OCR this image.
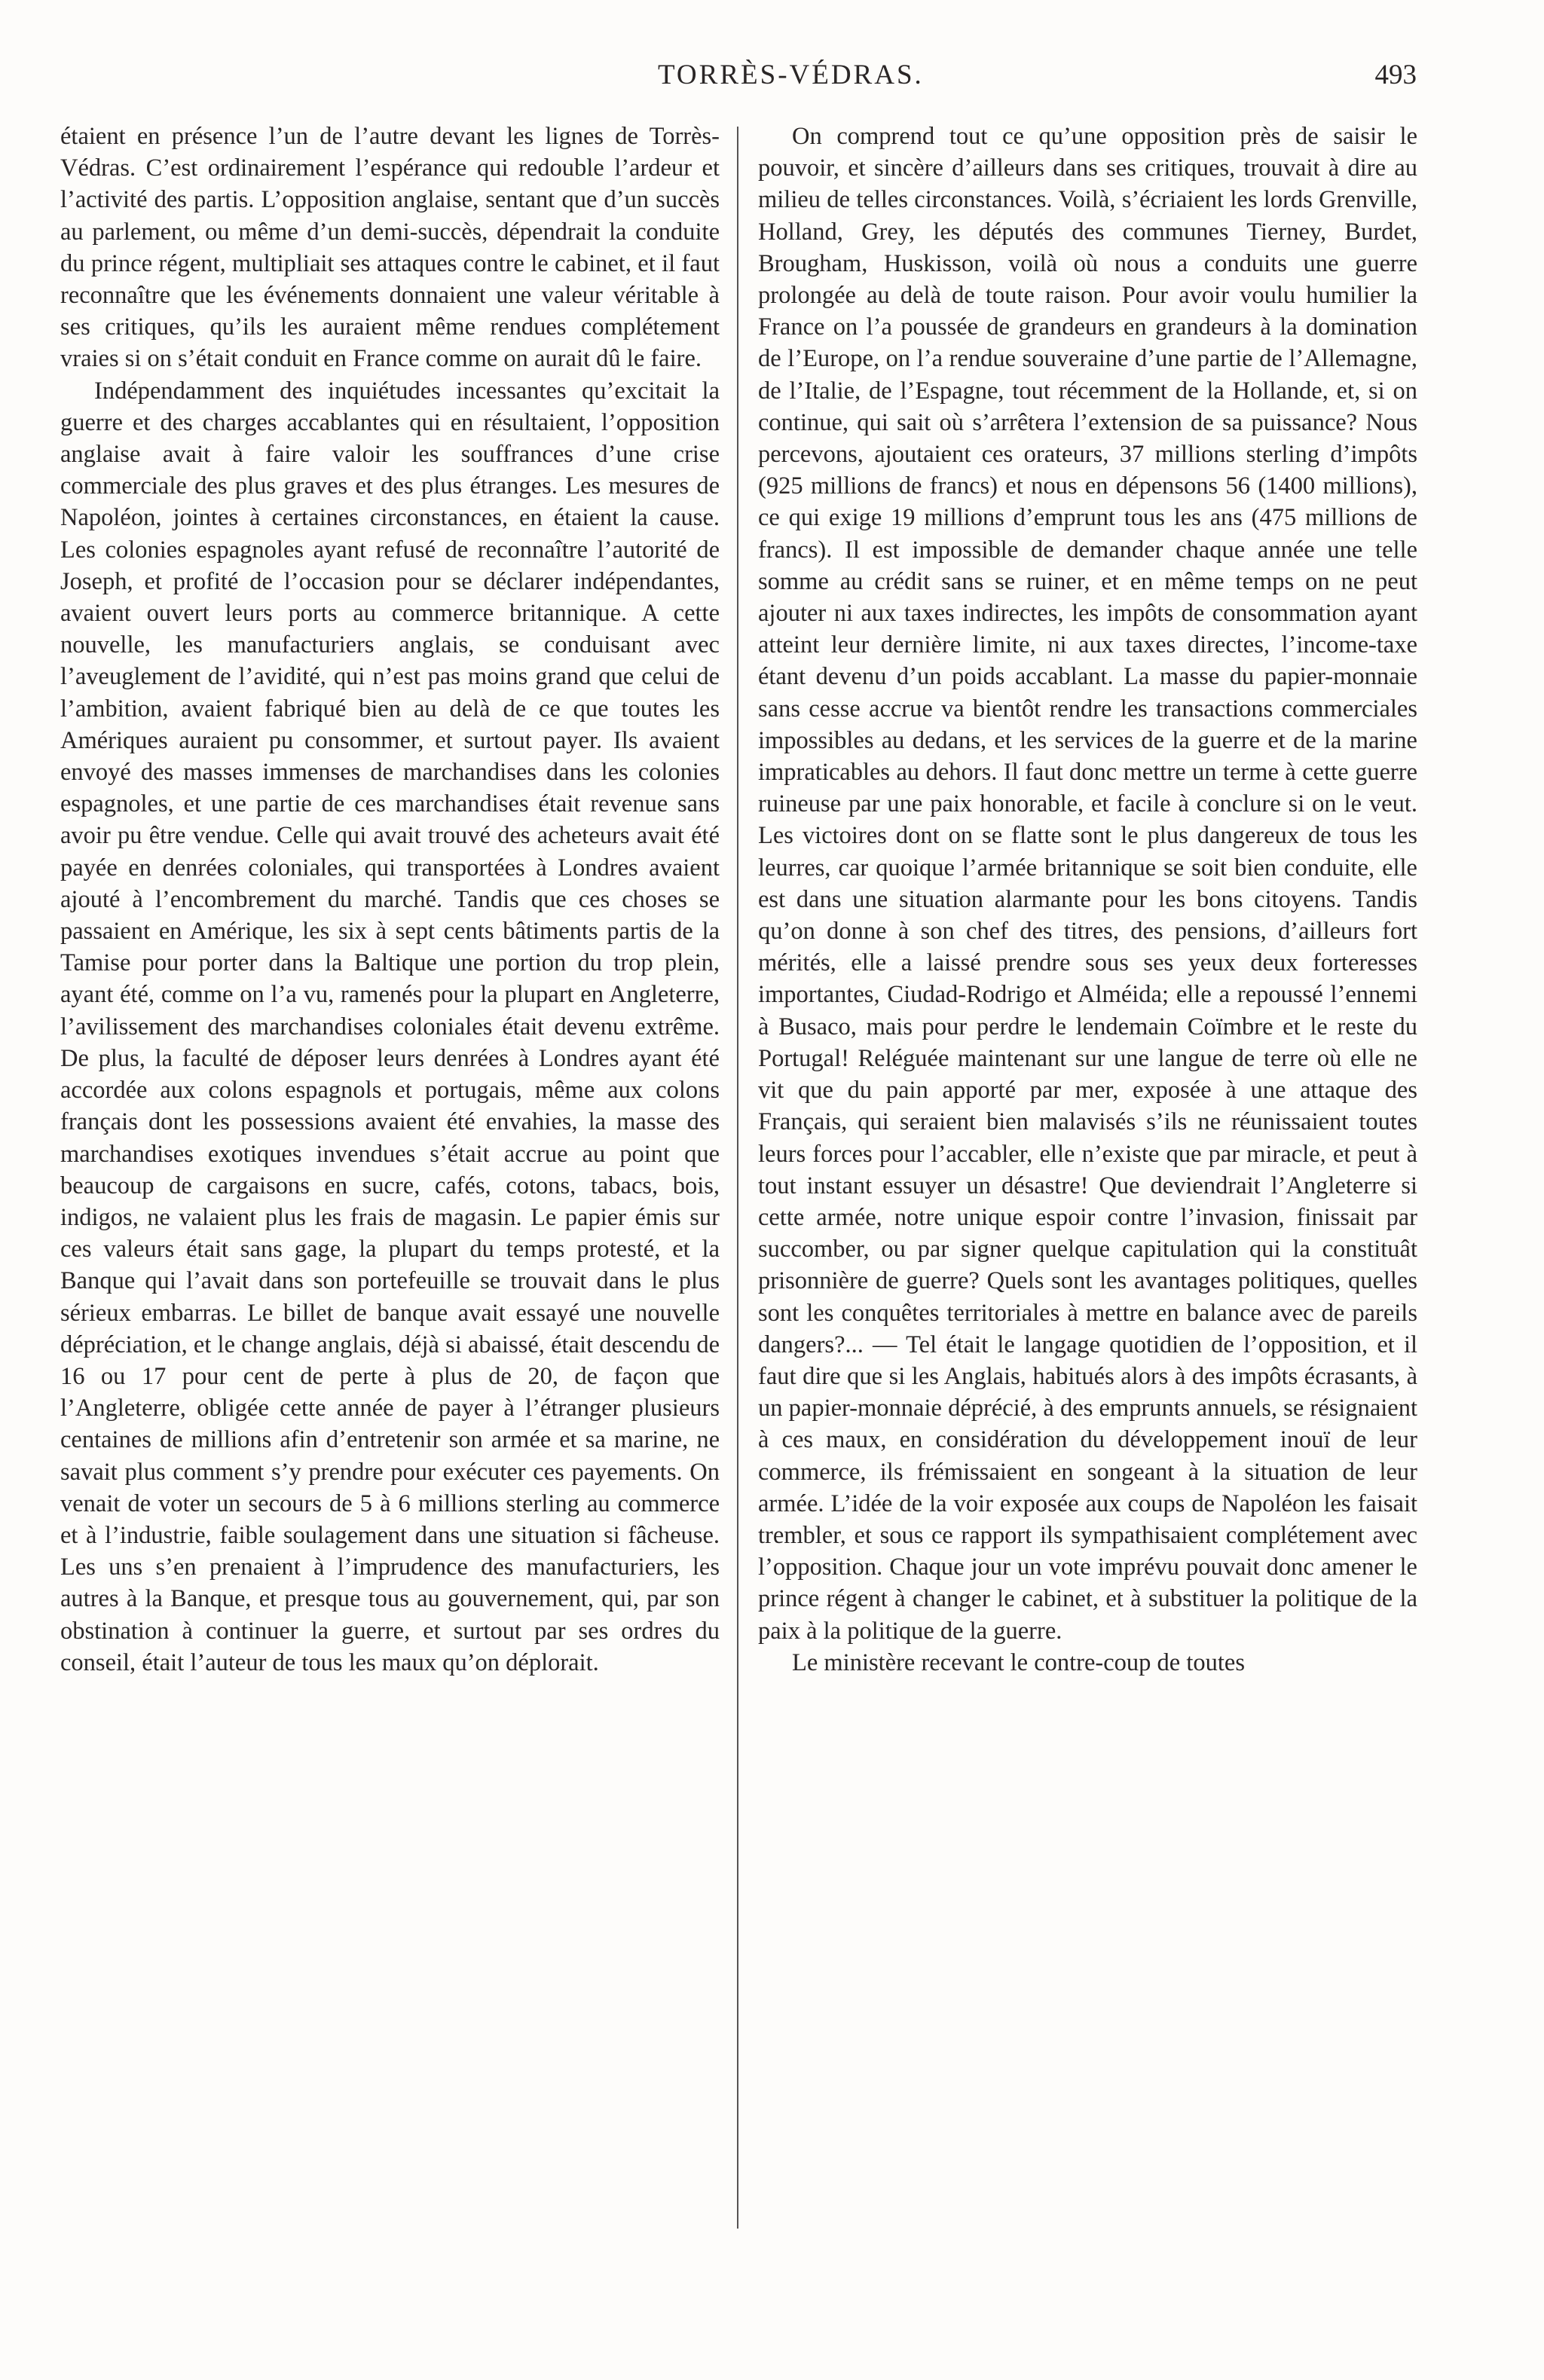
TORRÈS-VÉDRAS.	493

étaient en présence l’un de l’autre devant les lignes de Torrès-Védras. C’est ordinairement l’espérance qui redouble l’ardeur et l’activité des partis. L’opposition anglaise, sentant que d’un succès au parlement, ou même d’un demi-succès, dépendrait la conduite du prince régent, multipliait ses attaques contre le cabinet, et il faut reconnaître que les événements donnaient une valeur véritable à ses critiques, qu’ils les auraient même rendues complétement vraies si on s’était conduit en France comme on aurait dû le faire.

Indépendamment des inquiétudes incessantes qu’excitait la guerre et des charges accablantes qui en résultaient, l’opposition anglaise avait à faire valoir les souffrances d’une crise commerciale des plus graves et des plus étranges. Les mesures de Napoléon, jointes à certaines circonstances, en étaient la cause. Les colonies espagnoles ayant refusé de reconnaître l’autorité de Joseph, et profité de l’occasion pour se déclarer indépendantes, avaient ouvert leurs ports au commerce britannique. A cette nouvelle, les manufacturiers anglais, se conduisant avec l’aveuglement de l’avidité, qui n’est pas moins grand que celui de l’ambition, avaient fabriqué bien au delà de ce que toutes les Amériques auraient pu consommer, et surtout payer. Ils avaient envoyé des masses immenses de marchandises dans les colonies espagnoles, et une partie de ces marchandises était revenue sans avoir pu être vendue. Celle qui avait trouvé des acheteurs avait été payée en denrées coloniales, qui transportées à Londres avaient ajouté à l’encombrement du marché. Tandis que ces choses se passaient en Amérique, les six à sept cents bâtiments partis de la Tamise pour porter dans la Baltique une portion du trop plein, ayant été, comme on l’a vu, ramenés pour la plupart en Angleterre, l’avilissement des marchandises coloniales était devenu extrême. De plus, la faculté de déposer leurs denrées à Londres ayant été accordée aux colons espagnols et portugais, même aux colons français dont les possessions avaient été envahies, la masse des marchandises exotiques invendues s’était accrue au point que beaucoup de cargaisons en sucre, cafés, cotons, tabacs, bois, indigos, ne valaient plus les frais de magasin. Le papier émis sur ces valeurs était sans gage, la plupart du temps protesté, et la Banque qui l’avait dans son portefeuille se trouvait dans le plus sérieux embarras. Le billet de banque avait essayé une nouvelle dépréciation, et le change anglais, déjà si abaissé, était descendu de 16 ou 17 pour cent de perte à plus de 20, de façon que l’Angleterre, obligée cette année de payer à l’étranger plusieurs centaines de millions afin d’entretenir son armée et sa marine, ne savait plus comment s’y prendre pour exécuter ces payements. On venait de voter un secours de 5 à 6 millions sterling au commerce et à l’industrie, faible soulagement dans une situation si fâcheuse. Les uns s’en prenaient à l’imprudence des manufacturiers, les autres à la Banque, et presque tous au gouvernement, qui, par son obstination à continuer la guerre, et surtout par ses ordres du conseil, était l’auteur de tous les maux qu’on déplorait.

On comprend tout ce qu’une opposition près de saisir le pouvoir, et sincère d’ailleurs dans ses critiques, trouvait à dire au milieu de telles circonstances. Voilà, s’écriaient les lords Grenville, Holland, Grey, les députés des communes Tierney, Burdet, Brougham, Huskisson, voilà où nous a conduits une guerre prolongée au delà de toute raison. Pour avoir voulu humilier la France on l’a poussée de grandeurs en grandeurs à la domination de l’Europe, on l’a rendue souveraine d’une partie de l’Allemagne, de l’Italie, de l’Espagne, tout récemment de la Hollande, et, si on continue, qui sait où s’arrêtera l’extension de sa puissance? Nous percevons, ajoutaient ces orateurs, 37 millions sterling d’impôts (925 millions de francs) et nous en dépensons 56 (1400 millions), ce qui exige 19 millions d’emprunt tous les ans (475 millions de francs). Il est impossible de demander chaque année une telle somme au crédit sans se ruiner, et en même temps on ne peut ajouter ni aux taxes indirectes, les impôts de consommation ayant atteint leur dernière limite, ni aux taxes directes, l’income-taxe étant devenu d’un poids accablant. La masse du papier-monnaie sans cesse accrue va bientôt rendre les transactions commerciales impossibles au dedans, et les services de la guerre et de la marine impraticables au dehors. Il faut donc mettre un terme à cette guerre ruineuse par une paix honorable, et facile à conclure si on le veut. Les victoires dont on se flatte sont le plus dangereux de tous les leurres, car quoique l’armée britannique se soit bien conduite, elle est dans une situation alarmante pour les bons citoyens. Tandis qu’on donne à son chef des titres, des pensions, d’ailleurs fort mérités, elle a laissé prendre sous ses yeux deux forteresses importantes, Ciudad-Rodrigo et Alméida; elle a repoussé l’ennemi à Busaco, mais pour perdre le lendemain Coïmbre et le reste du Portugal! Reléguée maintenant sur une langue de terre où elle ne vit que du pain apporté par mer, exposée à une attaque des Français, qui seraient bien malavisés s’ils ne réunissaient toutes leurs forces pour l’accabler, elle n’existe que par miracle, et peut à tout instant essuyer un désastre! Que deviendrait l’Angleterre si cette armée, notre unique espoir contre l’invasion, finissait par succomber, ou par signer quelque capitulation qui la constituât prisonnière de guerre? Quels sont les avantages politiques, quelles sont les conquêtes territoriales à mettre en balance avec de pareils dangers?... — Tel était le langage quotidien de l’opposition, et il faut dire que si les Anglais, habitués alors à des impôts écrasants, à un papier-monnaie déprécié, à des emprunts annuels, se résignaient à ces maux, en considération du développement inouï de leur commerce, ils frémissaient en songeant à la situation de leur armée. L’idée de la voir exposée aux coups de Napoléon les faisait trembler, et sous ce rapport ils sympathisaient complétement avec l’opposition. Chaque jour un vote imprévu pouvait donc amener le prince régent à changer le cabinet, et à substituer la politique de la paix à la politique de la guerre.

Le ministère recevant le contre-coup de toutes
